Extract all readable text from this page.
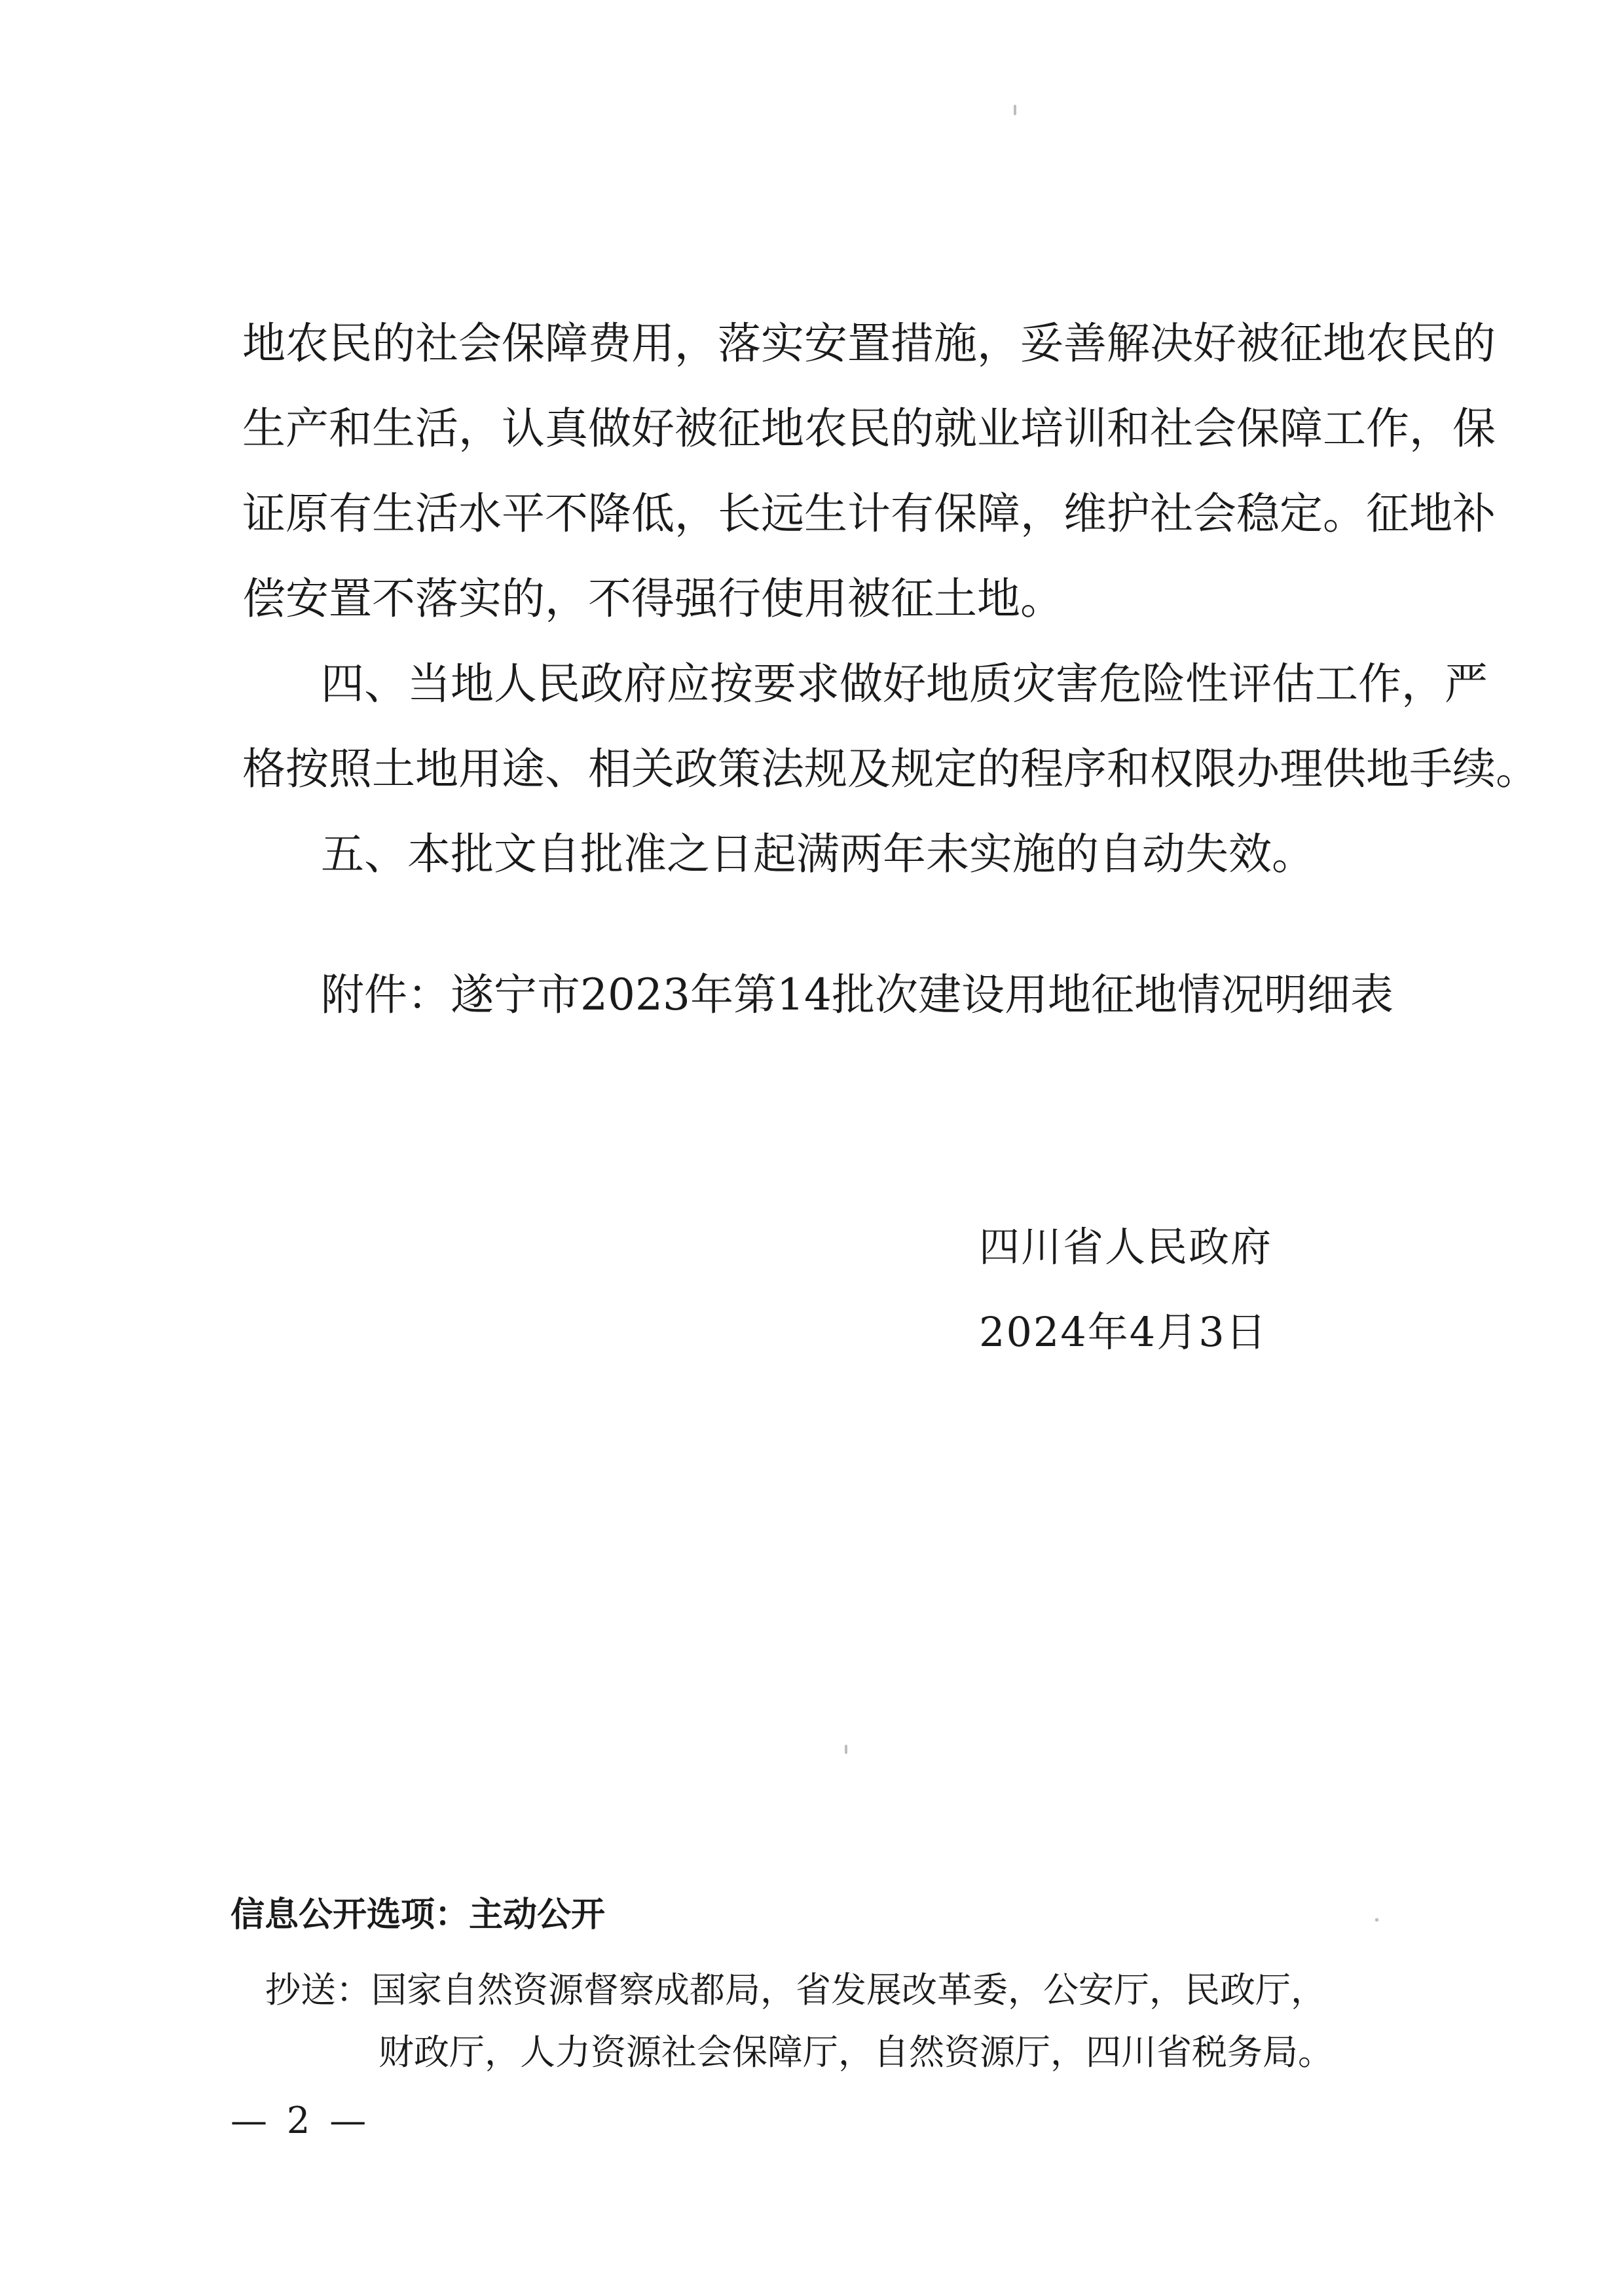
地农民的社会保障费用，落实安置措施，妥善解决好被征地农民的
生产和生活，认真做好被征地农民的就业培训和社会保障工作，保
证原有生活水平不降低，长远生计有保障，维护社会稳定。征地补
偿安置不落实的，不得强行使用被征土地。
四、当地人民政府应按要求做好地质灾害危险性评估工作，严
格按照土地用途、相关政策法规及规定的程序和权限办理供地手续。
五、本批文自批准之日起满两年未实施的自动失效。
附件：遂宁市2023年第14批次建设用地征地情况明细表
四川省人民政府
2024年4月3日
信息公开选项：主动公开
抄送：国家自然资源督察成都局，省发展改革委，公安厅，民政厅，
财政厅，人力资源社会保障厅，自然资源厅，四川省税务局。
— 2 —
